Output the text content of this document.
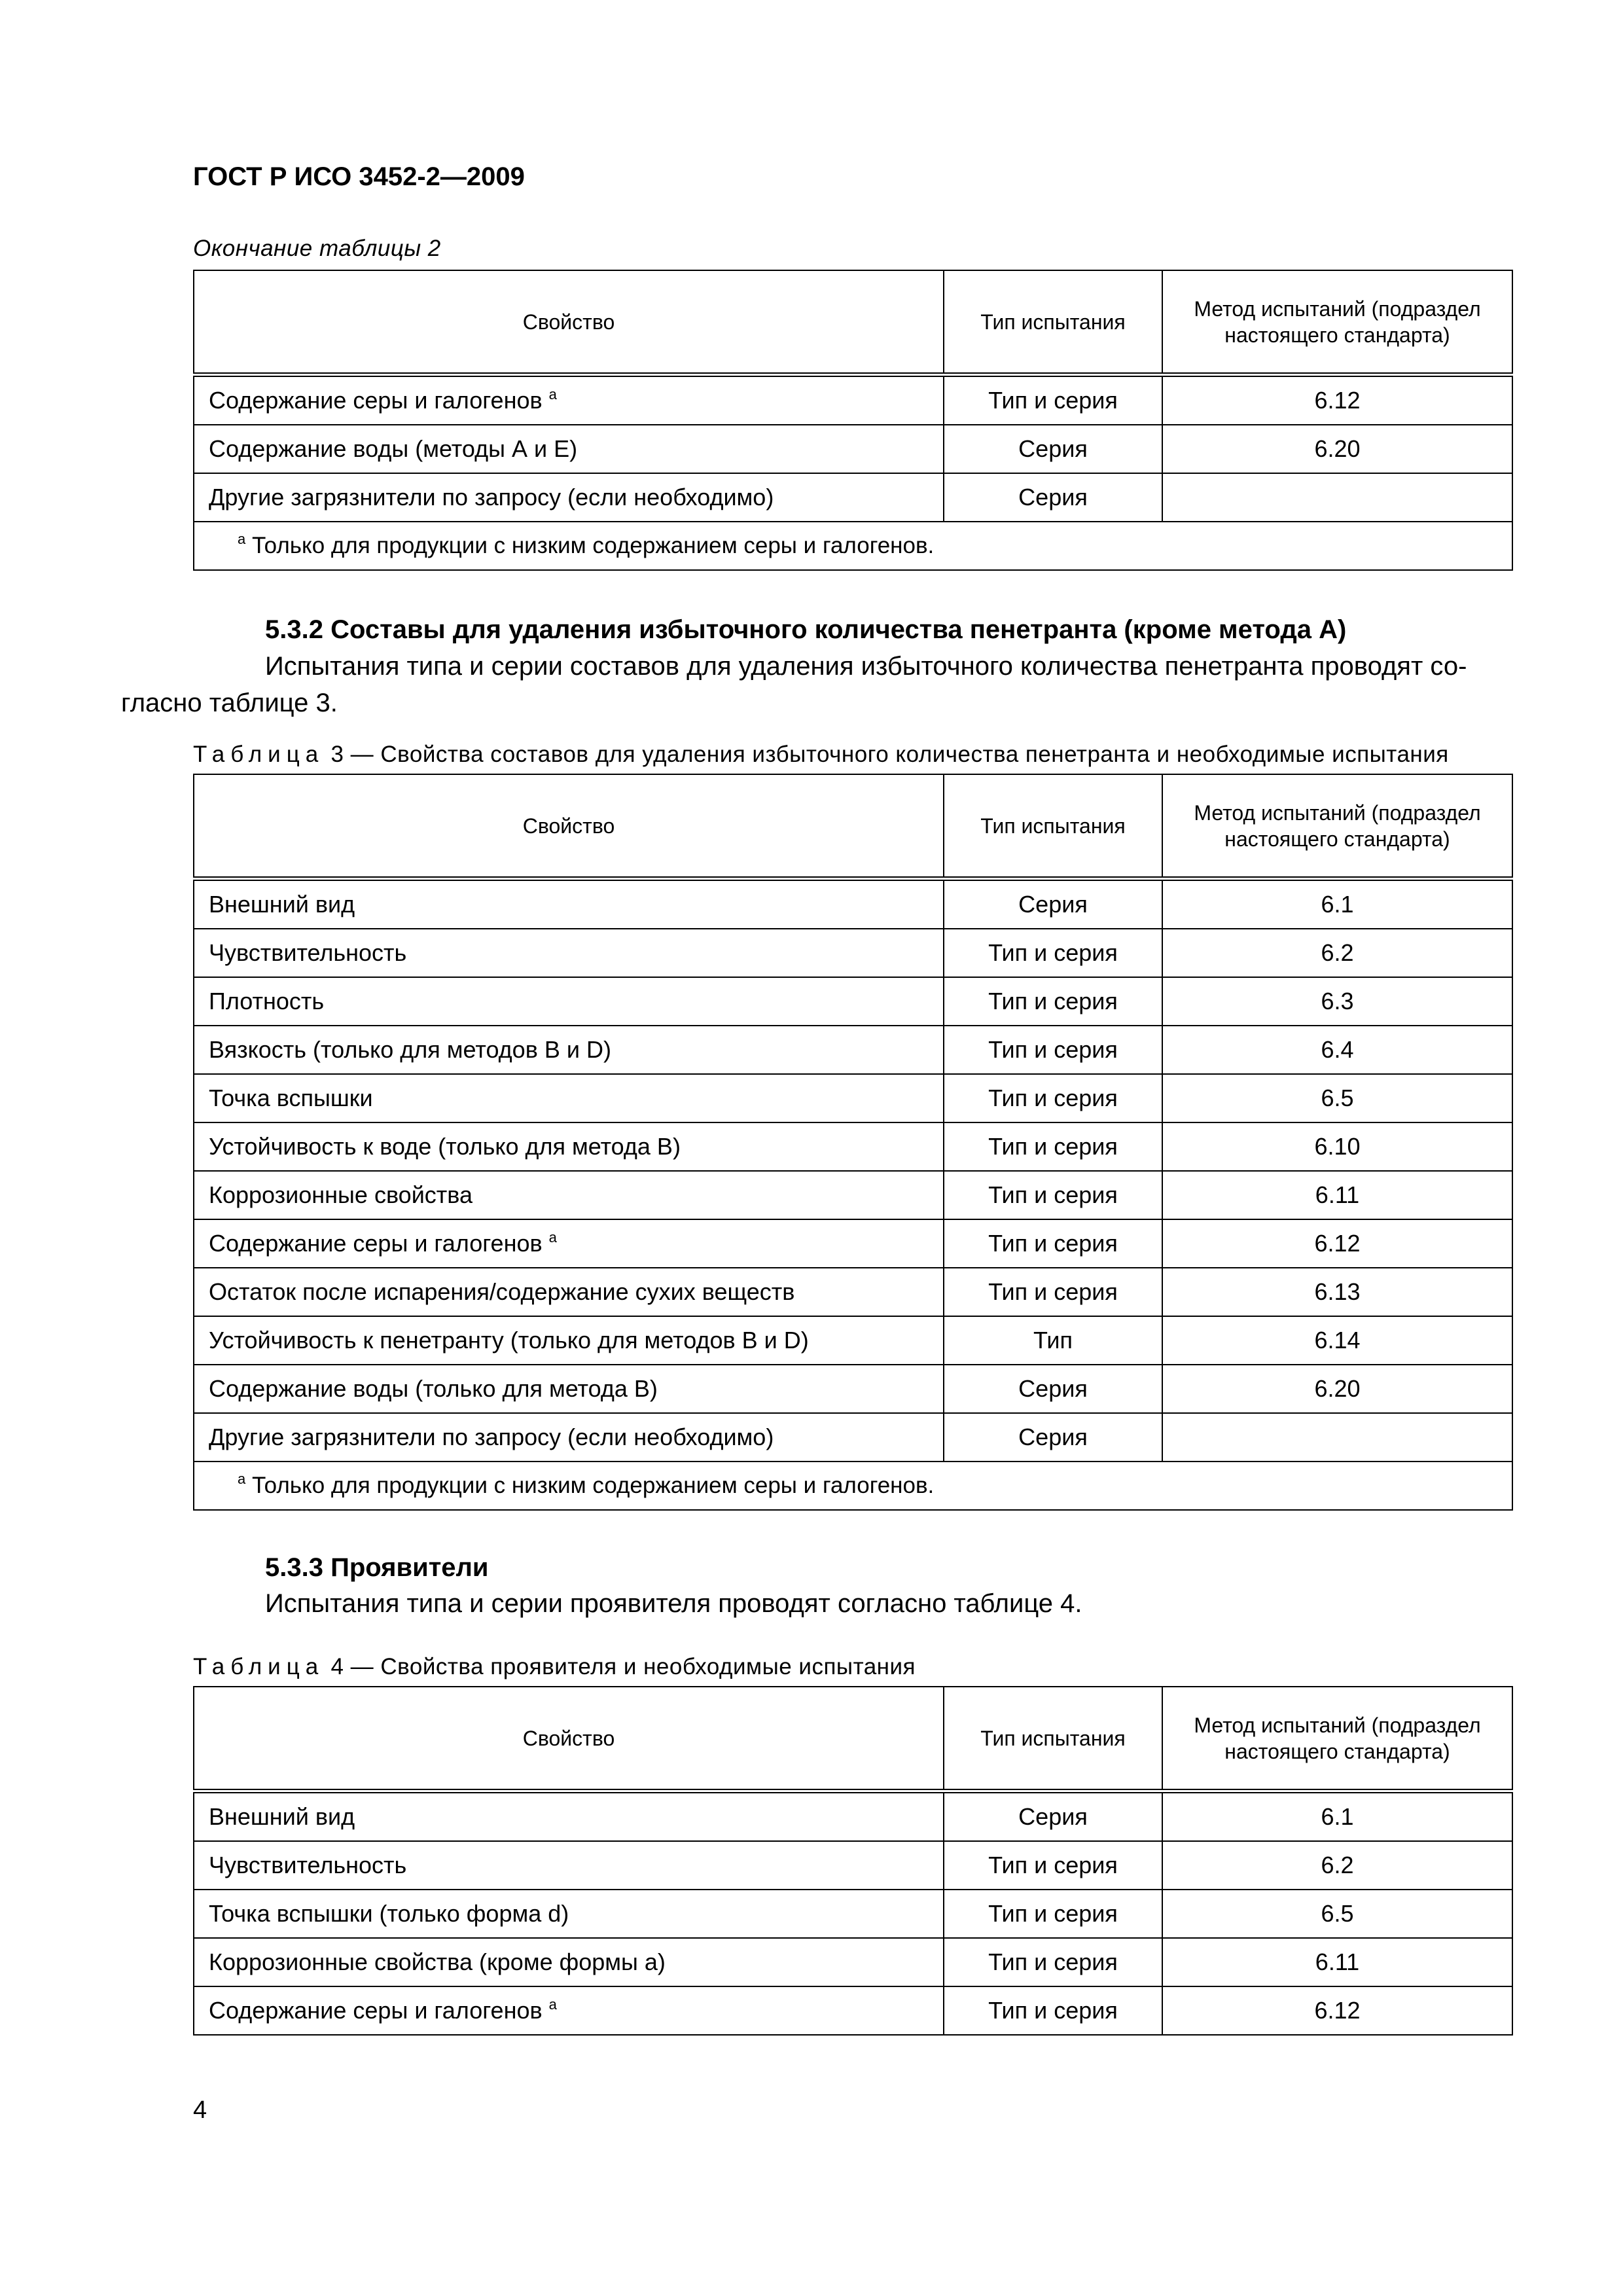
ГОСТ Р ИСО 3452-2—2009
Окончание таблицы 2
Свойство	Тип испытания	Метод испытаний (подраздел настоящего стандарта)
Содержание серы и галогенов $^a$	Тип и серия	6.12
Содержание воды (методы А и Е)	Серия	6.20
Другие загрязнители по запросу (если необходимо)	Серия	
$^a$ Только для продукции с низким содержанием серы и галогенов.		
5.3.2 Составы для удаления избыточного количества пенетранта (кроме метода А)
Испытания типа и серии составов для удаления избыточного количества пенетранта проводят со-
гласно таблице 3.
Таблица 3 — Свойства составов для удаления избыточного количества пенетранта и необходимые испытания
Свойство	Тип испытания	Метод испытаний (подраздел настоящего стандарта)
Внешний вид	Серия	6.1
Чувствительность	Тип и серия	6.2
Плотность	Тип и серия	6.3
Вязкость (только для методов В и D)	Тип и серия	6.4
Точка вспышки	Тип и серия	6.5
Устойчивость к воде (только для метода В)	Тип и серия	6.10
Коррозионные свойства	Тип и серия	6.11
Содержание серы и галогенов $^a$	Тип и серия	6.12
Остаток после испарения/содержание сухих веществ	Тип и серия	6.13
Устойчивость к пенетранту (только для методов В и D)	Тип	6.14
Содержание воды (только для метода В)	Серия	6.20
Другие загрязнители по запросу (если необходимо)	Серия	
$^a$ Только для продукции с низким содержанием серы и галогенов.		
5.3.3 Проявители
Испытания типа и серии проявителя проводят согласно таблице 4.
Таблица 4 — Свойства проявителя и необходимые испытания
Свойство	Тип испытания	Метод испытаний (подраздел настоящего стандарта)
Внешний вид	Серия	6.1
Чувствительность	Тип и серия	6.2
Точка вспышки (только форма d)	Тип и серия	6.5
Коррозионные свойства (кроме формы а)	Тип и серия	6.11
Содержание серы и галогенов $^a$	Тип и серия	6.12
4
